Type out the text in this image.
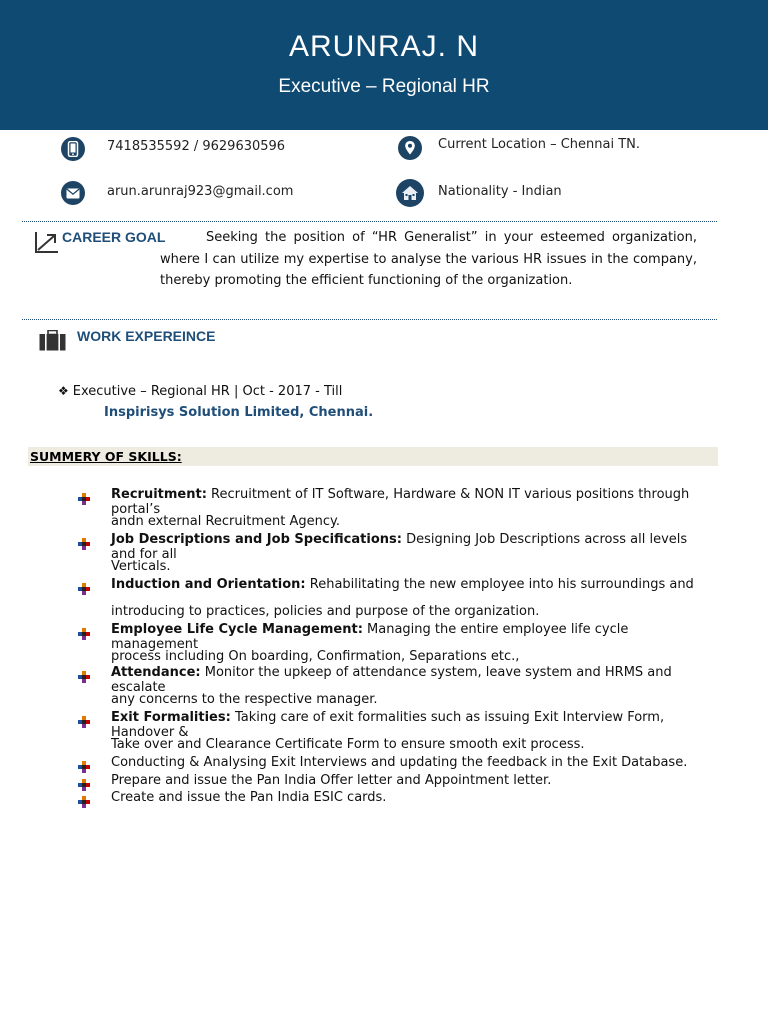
ARUNRAJ. N
Executive – Regional HR
7418535592 / 9629630596	Current Location – Chennai TN.
arun.arunraj923@gmail.com	Nationality - Indian
CAREER GOAL	Seeking the position of “HR Generalist” in your esteemed organization, where I can utilize my expertise to analyse the various HR issues in the company, thereby promoting the efficient functioning of the organization.
WORK EXPEREINCE
❖ Executive – Regional HR | Oct - 2017 - Till
Inspirisys Solution Limited, Chennai.
SUMMERY OF SKILLS:
Recruitment: Recruitment of IT Software, Hardware & NON IT various positions through portal’s
andn external Recruitment Agency.
Job Descriptions and Job Specifications: Designing Job Descriptions across all levels and for all
Verticals.
Induction and Orientation: Rehabilitating the new employee into his surroundings and
introducing to practices, policies and purpose of the organization.
Employee Life Cycle Management: Managing the entire employee life cycle management
process including On boarding, Confirmation, Separations etc.,
Attendance: Monitor the upkeep of attendance system, leave system and HRMS and escalate
any concerns to the respective manager.
Exit Formalities: Taking care of exit formalities such as issuing Exit Interview Form, Handover &
Take over and Clearance Certificate Form to ensure smooth exit process.
Conducting & Analysing Exit Interviews and updating the feedback in the Exit Database.
Prepare and issue the Pan India Offer letter and Appointment letter.
Create and issue the Pan India ESIC cards.
